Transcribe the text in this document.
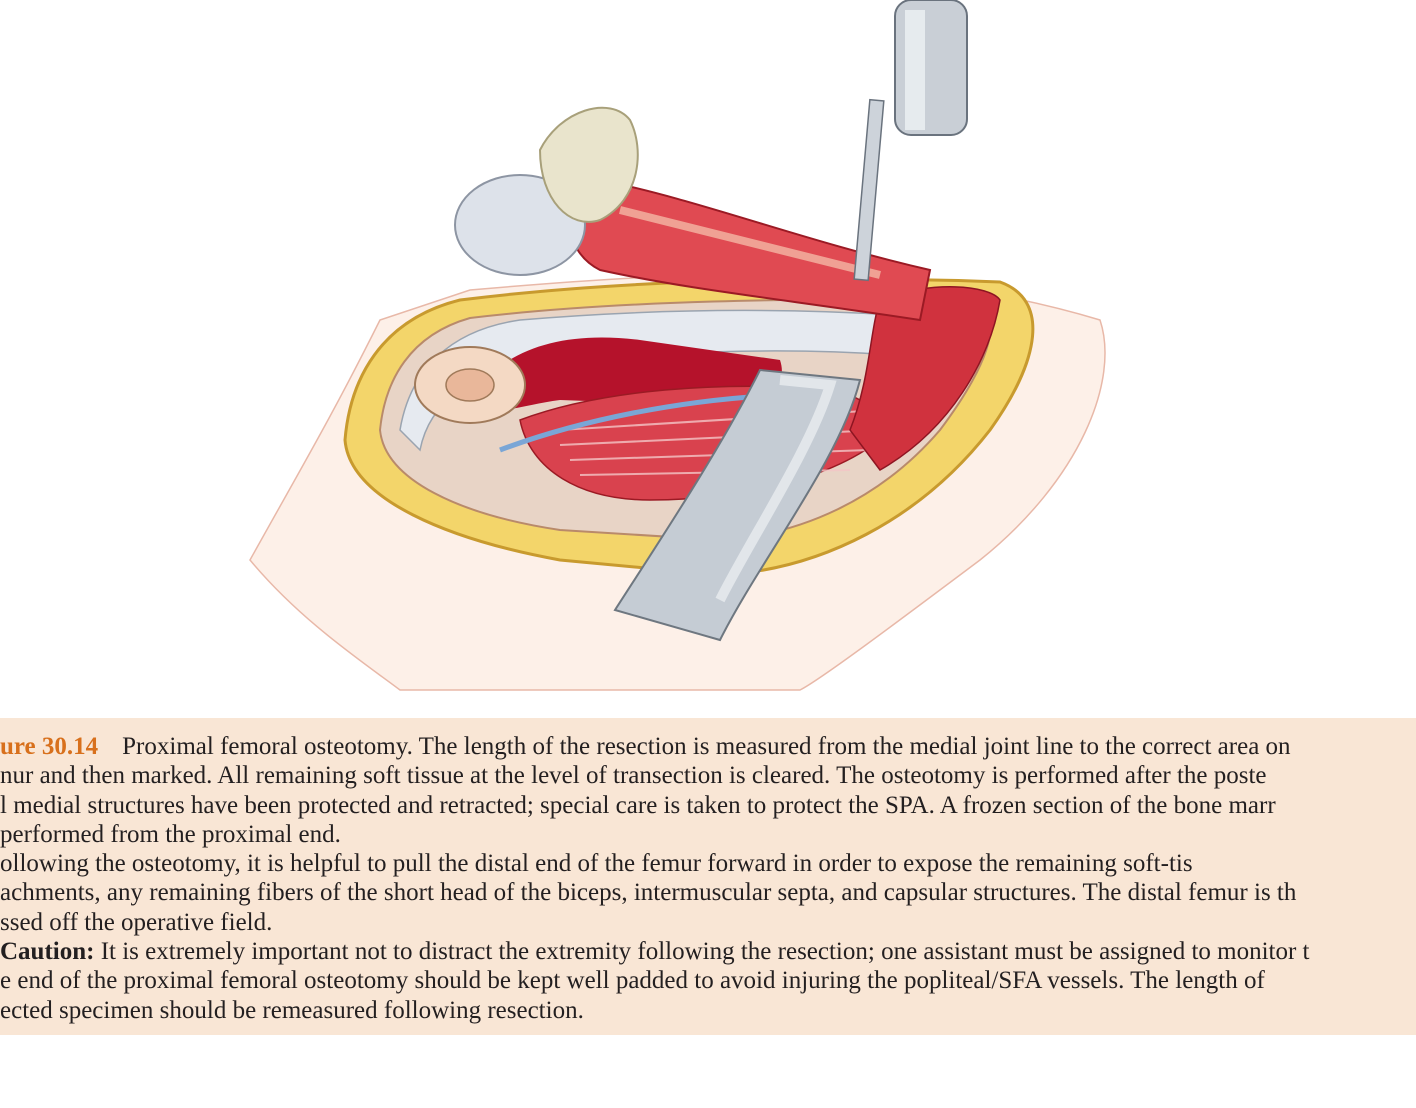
ure 30.14 Proximal femoral osteotomy. The length of the resection is measured from the medial joint line to the correct area on
nur and then marked. All remaining soft tissue at the level of transection is cleared. The osteotomy is performed after the poste
l medial structures have been protected and retracted; special care is taken to protect the SPA. A frozen section of the bone marr
performed from the proximal end.
ollowing the osteotomy, it is helpful to pull the distal end of the femur forward in order to expose the remaining soft-tis
achments, any remaining fibers of the short head of the biceps, intermuscular septa, and capsular structures. The distal femur is th
ssed off the operative field.
Caution: It is extremely important not to distract the extremity following the resection; one assistant must be assigned to monitor t
e end of the proximal femoral osteotomy should be kept well padded to avoid injuring the popliteal/SFA vessels. The length of
ected specimen should be remeasured following resection.
